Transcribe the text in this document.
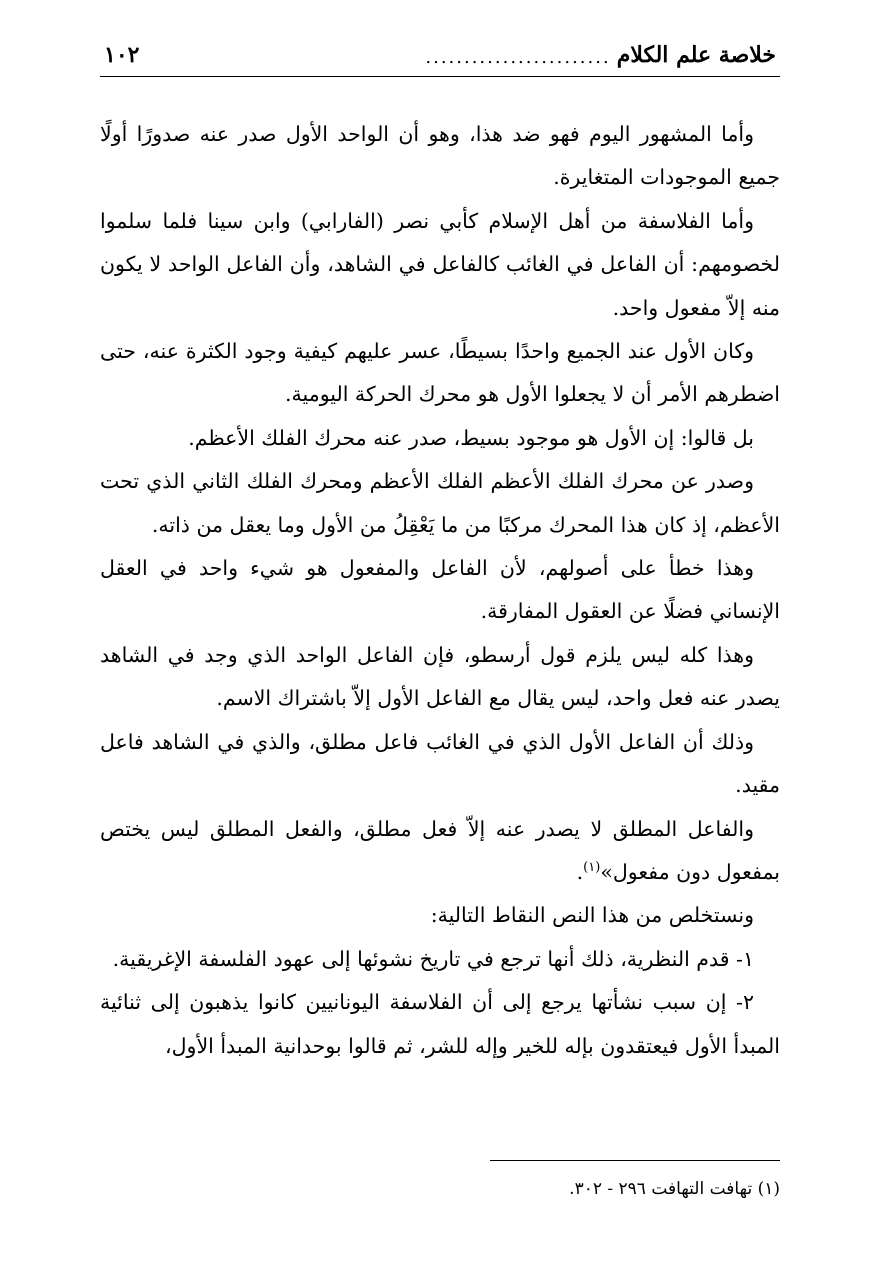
خلاصة علم الكلام
........................
١٠٢

وأما المشهور اليوم فهو ضد هذا، وهو أن الواحد الأول صدر عنه صدورًا أولًا جميع الموجودات المتغايرة.

وأما الفلاسفة من أهل الإسلام كأبي نصر (الفارابي) وابن سينا فلما سلموا لخصومهم: أن الفاعل في الغائب كالفاعل في الشاهد، وأن الفاعل الواحد لا يكون منه إلاّ مفعول واحد.

وكان الأول عند الجميع واحدًا بسيطًا، عسر عليهم كيفية وجود الكثرة عنه، حتى اضطرهم الأمر أن لا يجعلوا الأول هو محرك الحركة اليومية.

بل قالوا: إن الأول هو موجود بسيط، صدر عنه محرك الفلك الأعظم.

وصدر عن محرك الفلك الأعظم الفلك الأعظم ومحرك الفلك الثاني الذي تحت الأعظم، إذ كان هذا المحرك مركبًا من ما يَعْقِلُ من الأول وما يعقل من ذاته.

وهذا خطأ على أصولهم، لأن الفاعل والمفعول هو شيء واحد في العقل الإنساني فضلًا عن العقول المفارقة.

وهذا كله ليس يلزم قول أرسطو، فإن الفاعل الواحد الذي وجد في الشاهد يصدر عنه فعل واحد، ليس يقال مع الفاعل الأول إلاّ باشتراك الاسم.

وذلك أن الفاعل الأول الذي في الغائب فاعل مطلق، والذي في الشاهد فاعل مقيد.

والفاعل المطلق لا يصدر عنه إلاّ فعل مطلق، والفعل المطلق ليس يختص بمفعول دون مفعول»$^{(١)}$.

ونستخلص من هذا النص النقاط التالية:

١- قدم النظرية، ذلك أنها ترجع في تاريخ نشوئها إلى عهود الفلسفة الإغريقية.

٢- إن سبب نشأتها يرجع إلى أن الفلاسفة اليونانيين كانوا يذهبون إلى ثنائية المبدأ الأول فيعتقدون بإله للخير وإله للشر، ثم قالوا بوحدانية المبدأ الأول،

(١) تهافت التهافت ٢٩٦ - ٣٠٢.
